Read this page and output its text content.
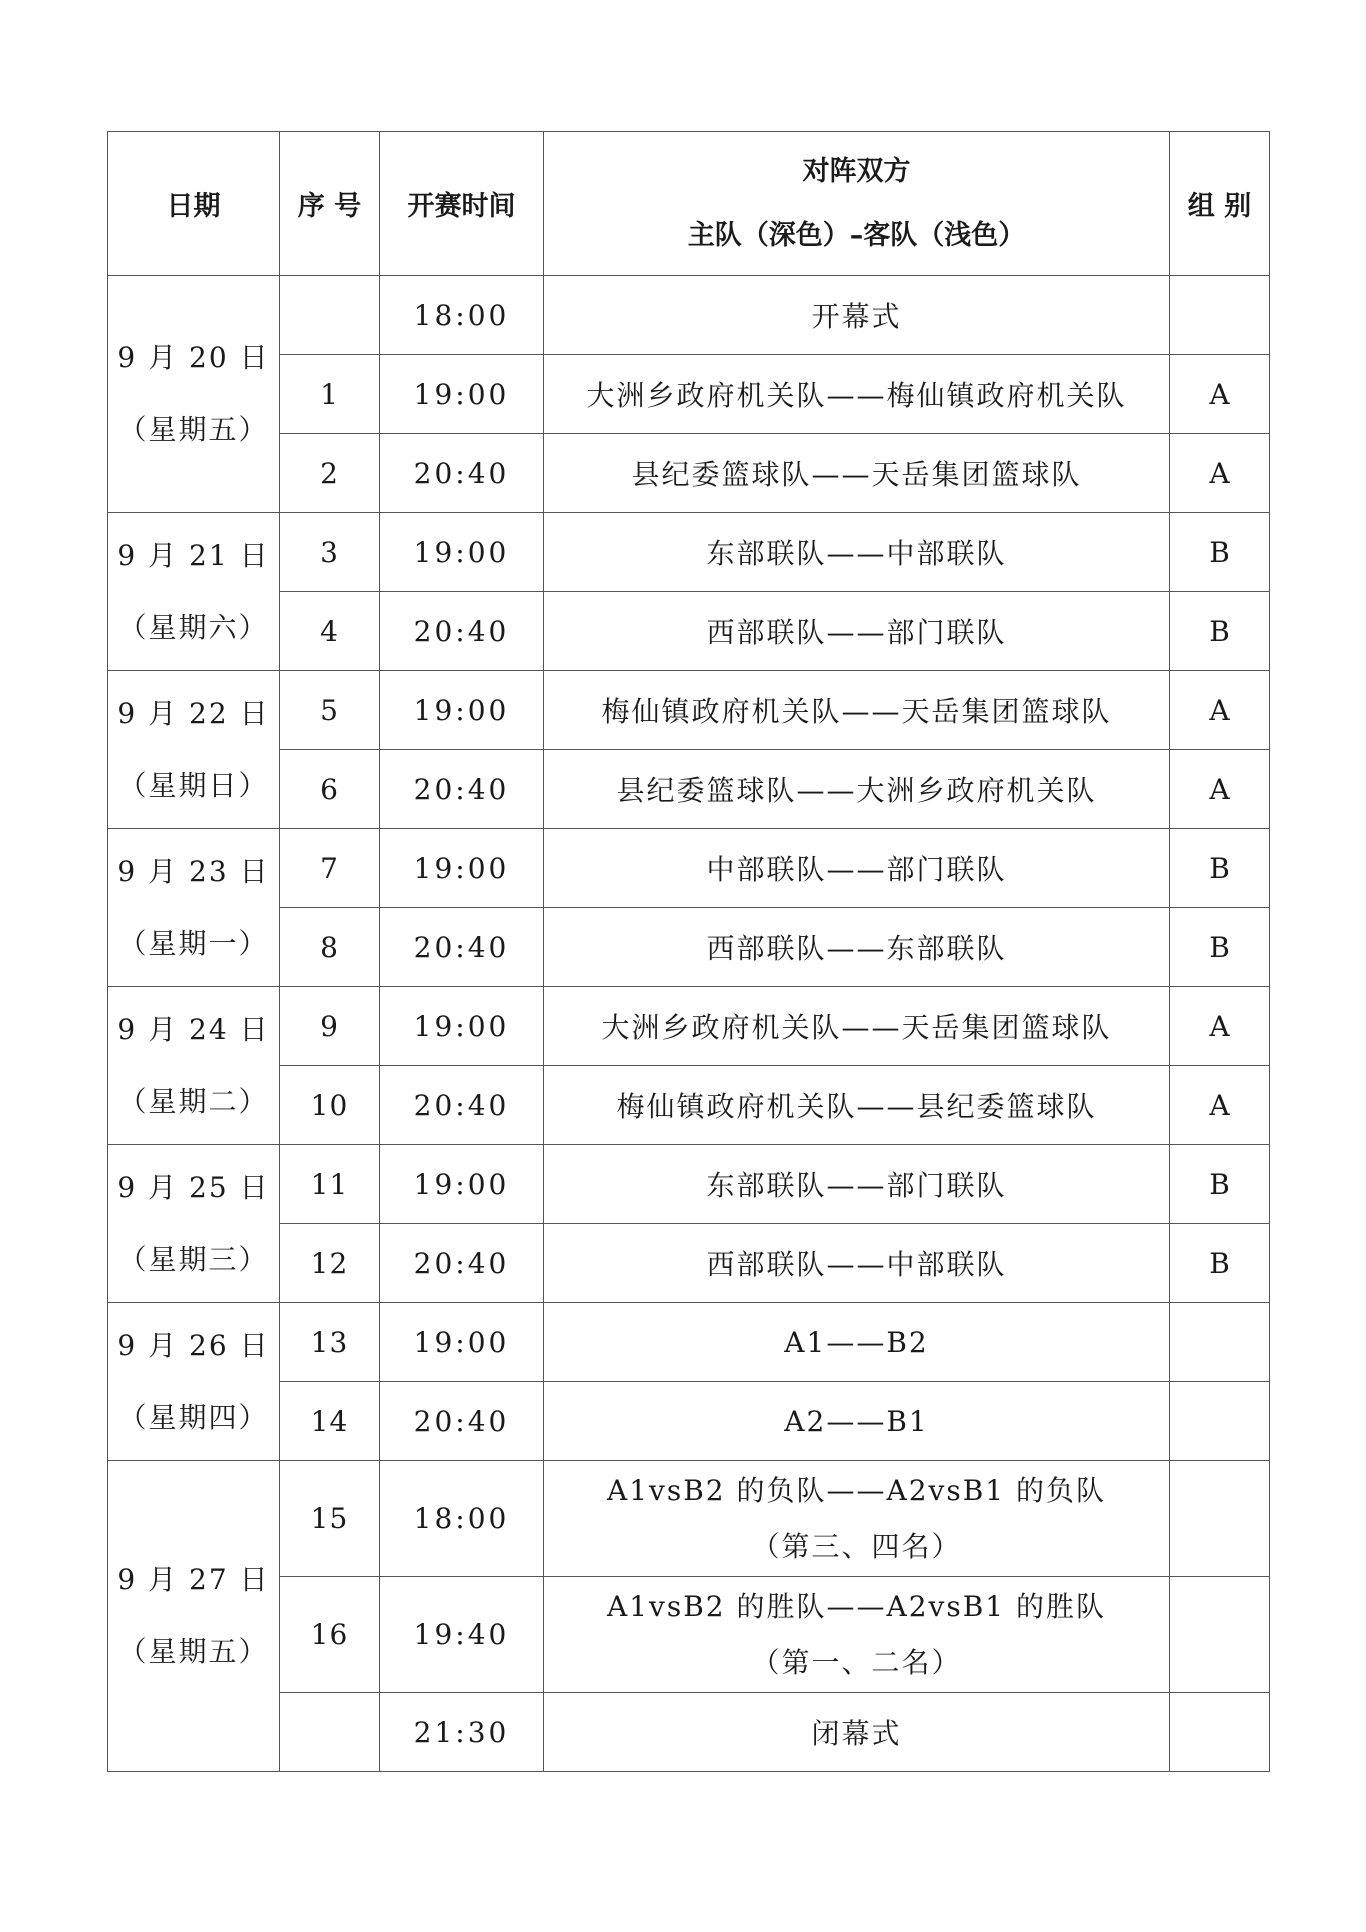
日期	序 号	开赛时间	对阵双方
主队（深色）–客队（浅色）	组 别

9 月 20 日
（星期五）		18:00	开幕式	
	1	19:00	大洲乡政府机关队——梅仙镇政府机关队	A
	2	20:40	县纪委篮球队——天岳集团篮球队	A

9 月 21 日
（星期六）	3	19:00	东部联队——中部联队	B
	4	20:40	西部联队——部门联队	B

9 月 22 日
（星期日）	5	19:00	梅仙镇政府机关队——天岳集团篮球队	A
	6	20:40	县纪委篮球队——大洲乡政府机关队	A

9 月 23 日
（星期一）	7	19:00	中部联队——部门联队	B
	8	20:40	西部联队——东部联队	B

9 月 24 日
（星期二）	9	19:00	大洲乡政府机关队——天岳集团篮球队	A
	10	20:40	梅仙镇政府机关队——县纪委篮球队	A

9 月 25 日
（星期三）	11	19:00	东部联队——部门联队	B
	12	20:40	西部联队——中部联队	B

9 月 26 日
（星期四）	13	19:00	A1——B2	
	14	20:40	A2——B1	

9 月 27 日
（星期五）	15	18:00	A1vsB2 的负队——A2vsB1 的负队
（第三、四名）	

	16	19:40	A1vsB2 的胜队——A2vsB1 的胜队
（第一、二名）	

		21:30	闭幕式	
